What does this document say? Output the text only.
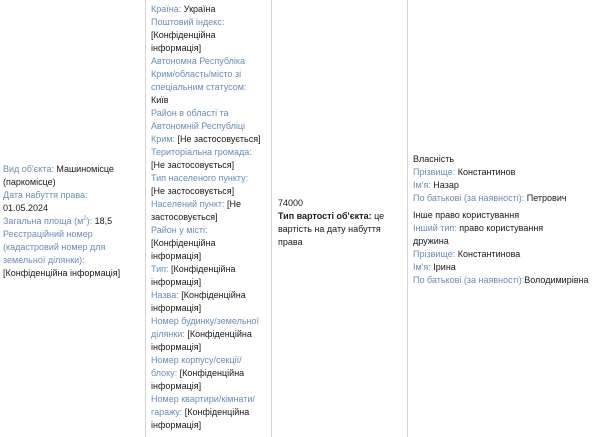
Вид об'єкта: Машиномісце (паркомісце)
Дата набуття права:
01.05.2024
Загальна площа $(м^2)$: 18,5
Реєстраційний номер (кадастровий номер для земельної ділянки):
[Конфіденційна інформація]
Країна: Україна
Поштовий індекс:
[Конфіденційна інформація]
Автономна Республіка Крим/область/місто зі спеціальним статусом:
Київ
Район в області та Автономній Республіці Крим: [Не застосовується]
Територіальна громада:
[Не застосовується]
Тип населеного пункту:
[Не застосовується]
Населений пункт: [Не застосовується]
Район у місті:
[Конфіденційна інформація]
Тип: [Конфіденційна інформація]
Назва: [Конфіденційна інформація]
Номер будинку/земельної ділянки: [Конфіденційна інформація]
Номер корпусу/секції/блоку: [Конфіденційна інформація]
Номер квартири/кімнати/гаражу: [Конфіденційна інформація]
74000
Тип вартості об'єкта: це вартість на дату набуття права
Власність
Прізвище: Константинов
Ім'я: Назар
По батькові (за наявності): Петрович
Інше право користування
Інший тип: право користування дружина
Прізвище: Константинова
Ім'я: Ірина
По батькові (за наявності):Володимирівна
